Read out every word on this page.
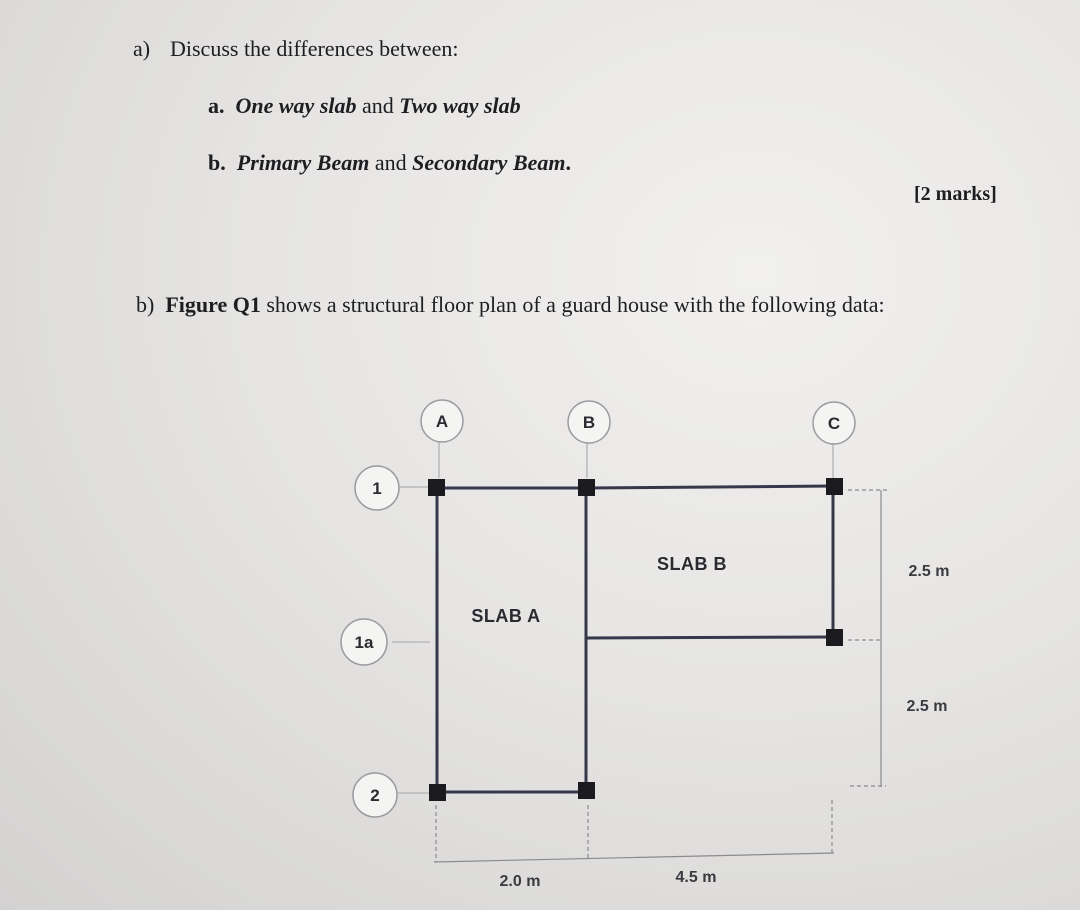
a) Discuss the differences between:
a. One way slab and Two way slab
b. Primary Beam and Secondary Beam.
[2 marks]
b) Figure Q1 shows a structural floor plan of a guard house with the following data:
A	B	C
1
1a
2
SLAB A
SLAB B	2.5 m
2.5 m
2.0 m	4.5 m
